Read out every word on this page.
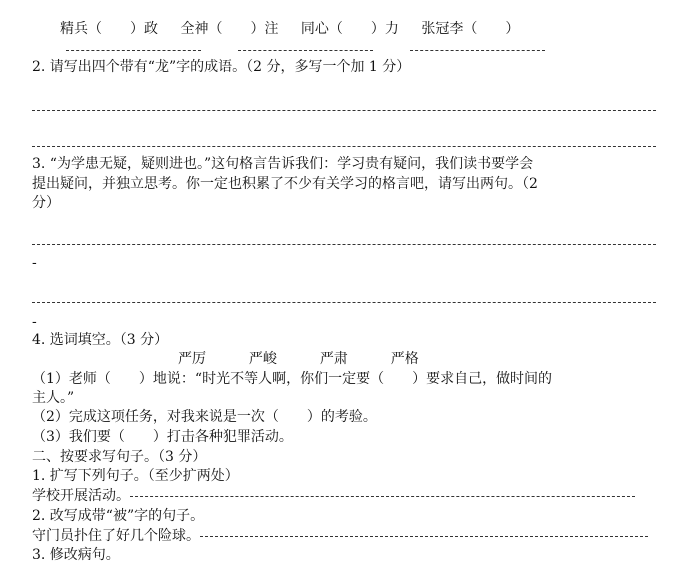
精兵（　　）政 全神（　　）注 同心（　　）力 张冠李（　　）
2. 请写出四个带有“龙”字的成语。（2 分，多写一个加 1 分）
3. “为学患无疑，疑则进也。”这句格言告诉我们：学习贵有疑问，我们读书要学会
提出疑问，并独立思考。你一定也积累了不少有关学习的格言吧，请写出两句。（2
分）
-
-
4. 选词填空。（3 分）
严厉	严峻	严肃	严格
（1）老师（　　）地说：“时光不等人啊，你们一定要（　　）要求自己，做时间的
主人。”
（2）完成这项任务，对我来说是一次（　　）的考验。
（3）我们要（　　）打击各种犯罪活动。
二、按要求写句子。（3 分）
1. 扩写下列句子。（至少扩两处）
学校开展活动。
2. 改写成带“被”字的句子。
守门员扑住了好几个险球。
3. 修改病句。
